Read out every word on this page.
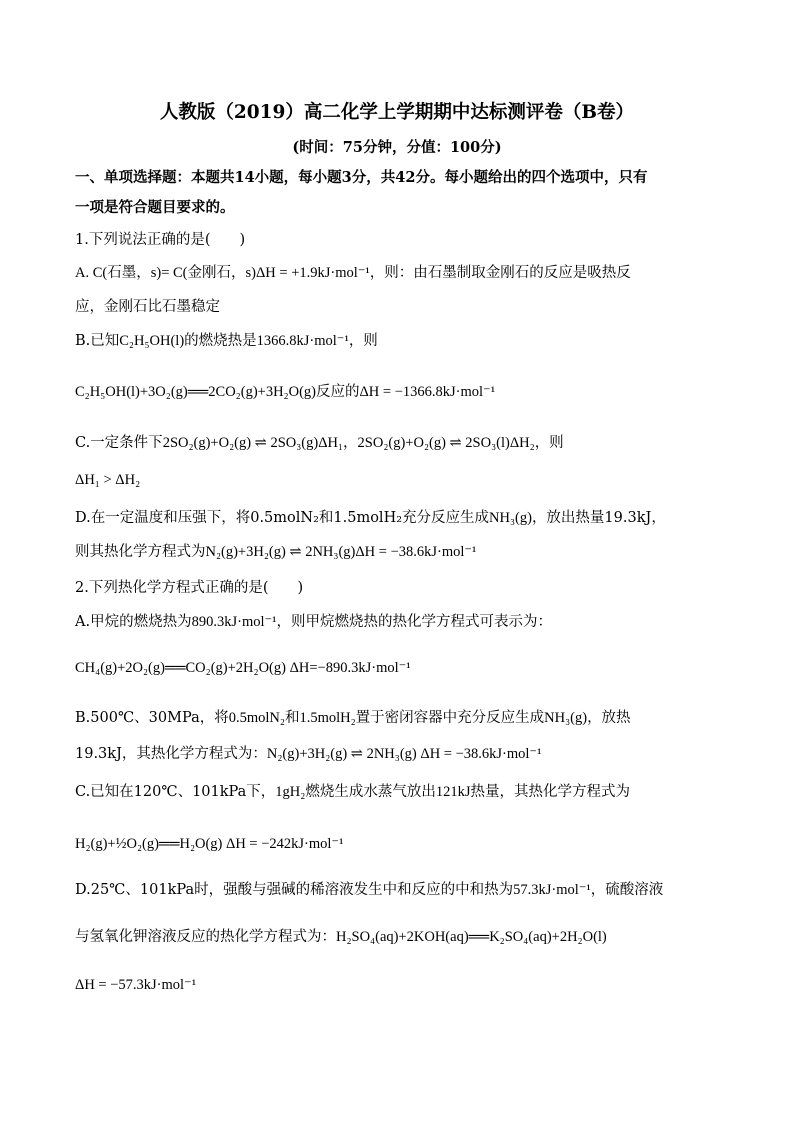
人教版（2019）高二化学上学期期中达标测评卷（B卷）
(时间：75分钟，分值：100分)
一、单项选择题：本题共14小题，每小题3分，共42分。每小题给出的四个选项中，只有
一项是符合题目要求的。
1.下列说法正确的是(　　)
A. C(石墨，s)= C(金刚石，s)ΔH = +1.9kJ·mol⁻¹，则：由石墨制取金刚石的反应是吸热反
应，金刚石比石墨稳定
B.已知C₂H₅OH(l)的燃烧热是1366.8kJ·mol⁻¹，则
C₂H₅OH(l)+3O₂(g)══2CO₂(g)+3H₂O(g)反应的ΔH = −1366.8kJ·mol⁻¹
C.一定条件下2SO₂(g)+O₂(g) ⇌ 2SO₃(g)ΔH₁，2SO₂(g)+O₂(g) ⇌ 2SO₃(l)ΔH₂，则
ΔH₁ > ΔH₂
D.在一定温度和压强下，将0.5molN₂和1.5molH₂充分反应生成NH₃(g)，放出热量19.3kJ，
则其热化学方程式为N₂(g)+3H₂(g) ⇌ 2NH₃(g)ΔH = −38.6kJ·mol⁻¹
2.下列热化学方程式正确的是(　　)
A.甲烷的燃烧热为890.3kJ·mol⁻¹，则甲烷燃烧热的热化学方程式可表示为：
CH₄(g)+2O₂(g)══CO₂(g)+2H₂O(g) ΔH=−890.3kJ·mol⁻¹
B.500℃、30MPa，将0.5molN₂和1.5molH₂置于密闭容器中充分反应生成NH₃(g)，放热
19.3kJ，其热化学方程式为：N₂(g)+3H₂(g) ⇌ 2NH₃(g) ΔH = −38.6kJ·mol⁻¹
C.已知在120℃、101kPa下，1gH₂燃烧生成水蒸气放出121kJ热量，其热化学方程式为
H₂(g)+½O₂(g)══H₂O(g) ΔH = −242kJ·mol⁻¹
D.25℃、101kPa时，强酸与强碱的稀溶液发生中和反应的中和热为57.3kJ·mol⁻¹，硫酸溶液
与氢氧化钾溶液反应的热化学方程式为：H₂SO₄(aq)+2KOH(aq)══K₂SO₄(aq)+2H₂O(l)
ΔH = −57.3kJ·mol⁻¹
